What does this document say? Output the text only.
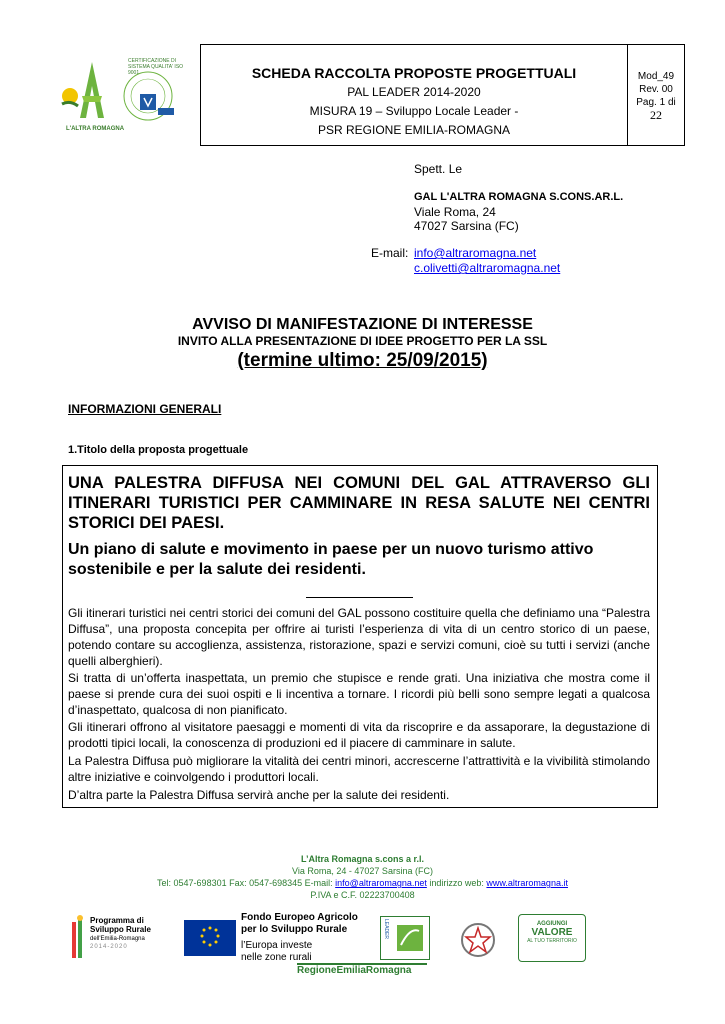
L'ALTRA ROMAGNA
CERTIFICAZIONE DI SISTEMA QUALITA' ISO 9001	SCHEDA RACCOLTA PROPOSTE PROGETTUALI
PAL LEADER 2014-2020
MISURA 19 – Sviluppo Locale Leader -
PSR REGIONE EMILIA-ROMAGNA
Mod_49
Rev. 00
Pag. 1 di
22
Spett. Le
GAL L'ALTRA ROMAGNA S.CONS.AR.L.
Viale Roma, 24
47027 Sarsina (FC)
E-mail: info@altraromagna.net
c.olivetti@altraromagna.net
AVVISO DI MANIFESTAZIONE DI INTERESSE
INVITO ALLA PRESENTAZIONE DI IDEE PROGETTO PER LA SSL
(termine ultimo: 25/09/2015)
INFORMAZIONI GENERALI
1.Titolo della proposta progettuale
UNA PALESTRA DIFFUSA NEI COMUNI DEL GAL ATTRAVERSO GLI ITINERARI TURISTICI PER CAMMINARE IN RESA SALUTE NEI CENTRI STORICI DEI PAESI.
Un piano di salute e movimento in paese per un nuovo turismo attivo sostenibile e per la salute dei residenti.
Gli itinerari turistici nei centri storici dei comuni del GAL possono costituire quella che definiamo una “Palestra Diffusa”, una proposta concepita per offrire ai turisti l’esperienza di vita di un centro storico di un paese, potendo contare su accoglienza, assistenza, ristorazione, spazi e servizi comuni, cioè su tutti i servizi (anche quelli alberghieri).
Si tratta di un’offerta inaspettata, un premio che stupisce e rende grati. Una iniziativa che mostra come il paese si prende cura dei suoi ospiti e li incentiva a tornare. I ricordi più belli sono sempre legati a qualcosa d’inaspettato, qualcosa di non pianificato.
Gli itinerari offrono al visitatore paesaggi e momenti di vita da riscoprire e da assaporare, la degustazione di prodotti tipici locali, la conoscenza di produzioni ed il piacere di camminare in salute.
La Palestra Diffusa può migliorare la vitalità dei centri minori, accrescerne l’attrattività e la vivibilità stimolando altre iniziative e coinvolgendo i produttori locali.
D’altra parte la Palestra Diffusa servirà anche per la salute dei residenti.
L’Altra Romagna s.cons a r.l.
Via Roma, 24 - 47027 Sarsina (FC)
Tel: 0547-698301 Fax: 0547-698345 E-mail: info@altraromagna.net indirizzo web: www.altraromagna.it
P.IVA e C.F. 02223700408
Programma di Sviluppo Rurale
dell'Emilia-Romagna
2014-2020
Fondo Europeo Agricolo
per lo Sviluppo Rurale
l’Europa investe
nelle zone rurali
LEADER
RegioneEmiliaRomagna
AGGIUNGI
VALORE
AL TUO TERRITORIO
